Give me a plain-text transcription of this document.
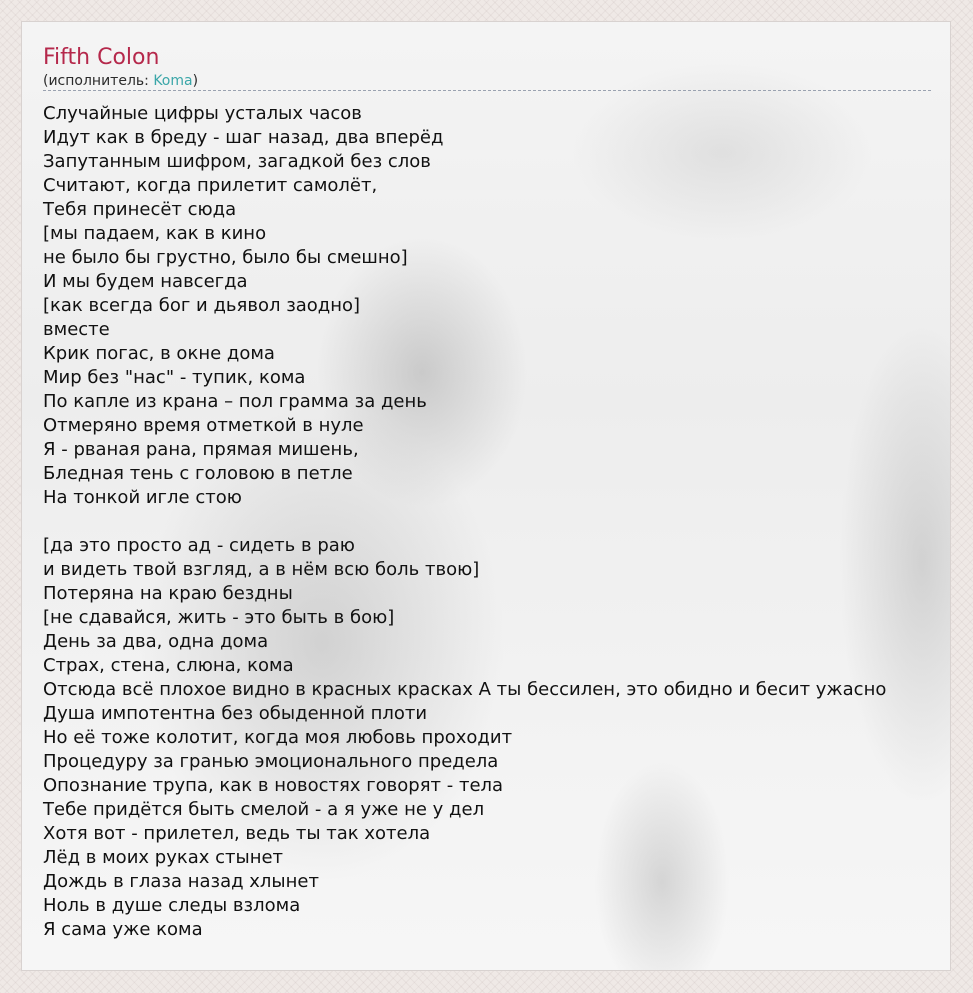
Fifth Colon
(исполнитель: Koma)
Случайные цифры усталых часов
Идут как в бреду - шаг назад, два вперёд
Запутанным шифром, загадкой без слов
Считают, когда прилетит самолёт,
Тебя принесёт сюда
[мы падаем, как в кино
не было бы грустно, было бы смешно]
И мы будем навсегда
[как всегда бог и дьявол заодно]
вместе
Крик погас, в окне дома
Мир без "нас" - тупик, кома
По капле из крана – пол грамма за день
Отмеряно время отметкой в нуле
Я - рваная рана, прямая мишень,
Бледная тень с головою в петле
На тонкой игле стою
[да это просто ад - сидеть в раю
и видеть твой взгляд, а в нём всю боль твою]
Потеряна на краю бездны
[не сдавайся, жить - это быть в бою]
День за два, одна дома
Страх, стена, слюна, кома
Отсюда всё плохое видно в красных красках А ты бессилен, это обидно и бесит ужасно
Душа импотентна без обыденной плоти
Но её тоже колотит, когда моя любовь проходит
Процедуру за гранью эмоционального предела
Опознание трупа, как в новостях говорят - тела
Тебе придётся быть смелой - а я уже не у дел
Хотя вот - прилетел, ведь ты так хотела
Лёд в моих руках стынет
Дождь в глаза назад хлынет
Ноль в душе следы взлома
Я сама уже кома
